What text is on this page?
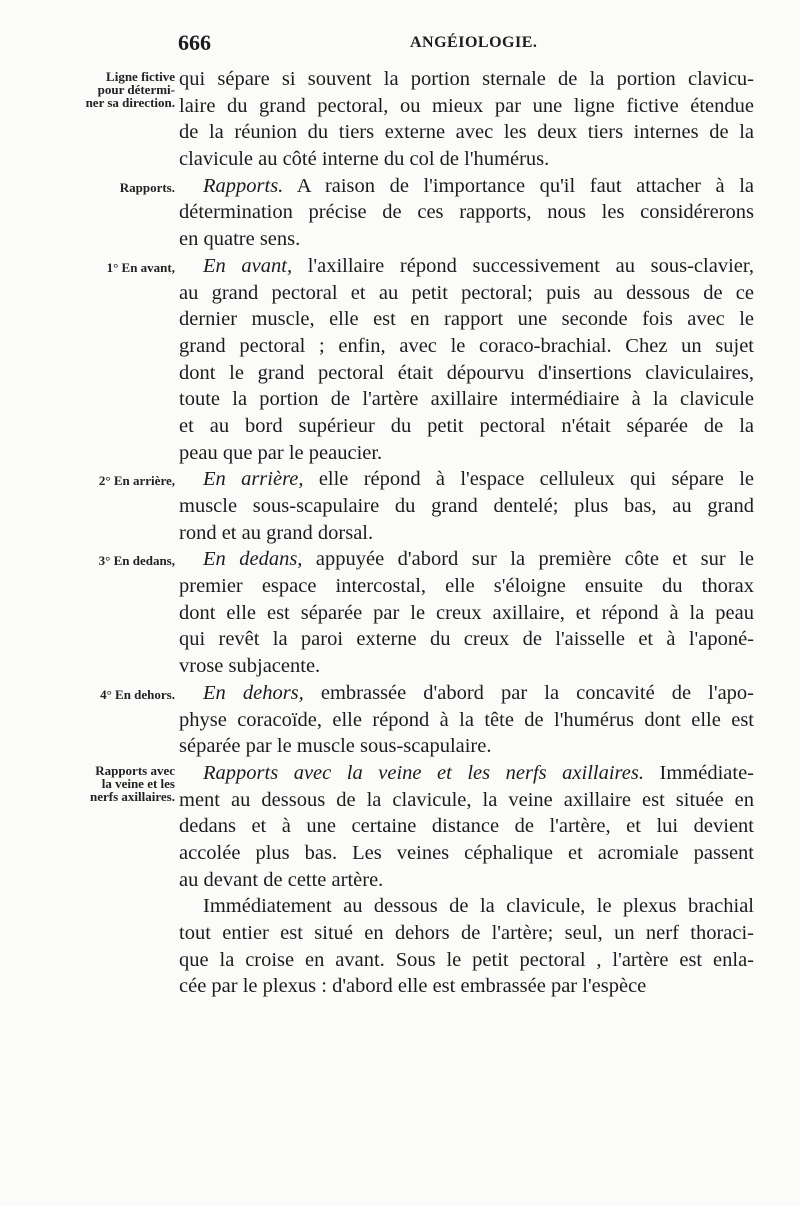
666	ANGÉIOLOGIE.
Ligne fictive
pour détermi-
ner sa direction.
qui sépare si souvent la portion sternale de la portion clavicu-
laire du grand pectoral, ou mieux par une ligne fictive étendue
de la réunion du tiers externe avec les deux tiers internes de la
clavicule au côté interne du col de l'humérus.
Rapports.	Rapports. A raison de l'importance qu'il faut attacher à la
détermination précise de ces rapports, nous les considérerons
en quatre sens.
1° En avant,	En avant, l'axillaire répond successivement au sous-clavier,
au grand pectoral et au petit pectoral; puis au dessous de ce
dernier muscle, elle est en rapport une seconde fois avec le
grand pectoral ; enfin, avec le coraco-brachial. Chez un sujet
dont le grand pectoral était dépourvu d'insertions claviculaires,
toute la portion de l'artère axillaire intermédiaire à la clavicule
et au bord supérieur du petit pectoral n'était séparée de la
peau que par le peaucier.
2° En arrière,	En arrière, elle répond à l'espace celluleux qui sépare le
muscle sous-scapulaire du grand dentelé; plus bas, au grand
rond et au grand dorsal.
3° En dedans,	En dedans, appuyée d'abord sur la première côte et sur le
premier espace intercostal, elle s'éloigne ensuite du thorax
dont elle est séparée par le creux axillaire, et répond à la peau
qui revêt la paroi externe du creux de l'aisselle et à l'aponé-
vrose subjacente.
4° En dehors.	En dehors, embrassée d'abord par la concavité de l'apo-
physe coracoïde, elle répond à la tête de l'humérus dont elle est
séparée par le muscle sous-scapulaire.
Rapports avec
la veine et les
nerfs axillaires.
Rapports avec la veine et les nerfs axillaires. Immédiate-
ment au dessous de la clavicule, la veine axillaire est située en
dedans et à une certaine distance de l'artère, et lui devient
accolée plus bas. Les veines céphalique et acromiale passent
au devant de cette artère.
Immédiatement au dessous de la clavicule, le plexus brachial
tout entier est situé en dehors de l'artère; seul, un nerf thoraci-
que la croise en avant. Sous le petit pectoral , l'artère est enla-
cée par le plexus : d'abord elle est embrassée par l'espèce
